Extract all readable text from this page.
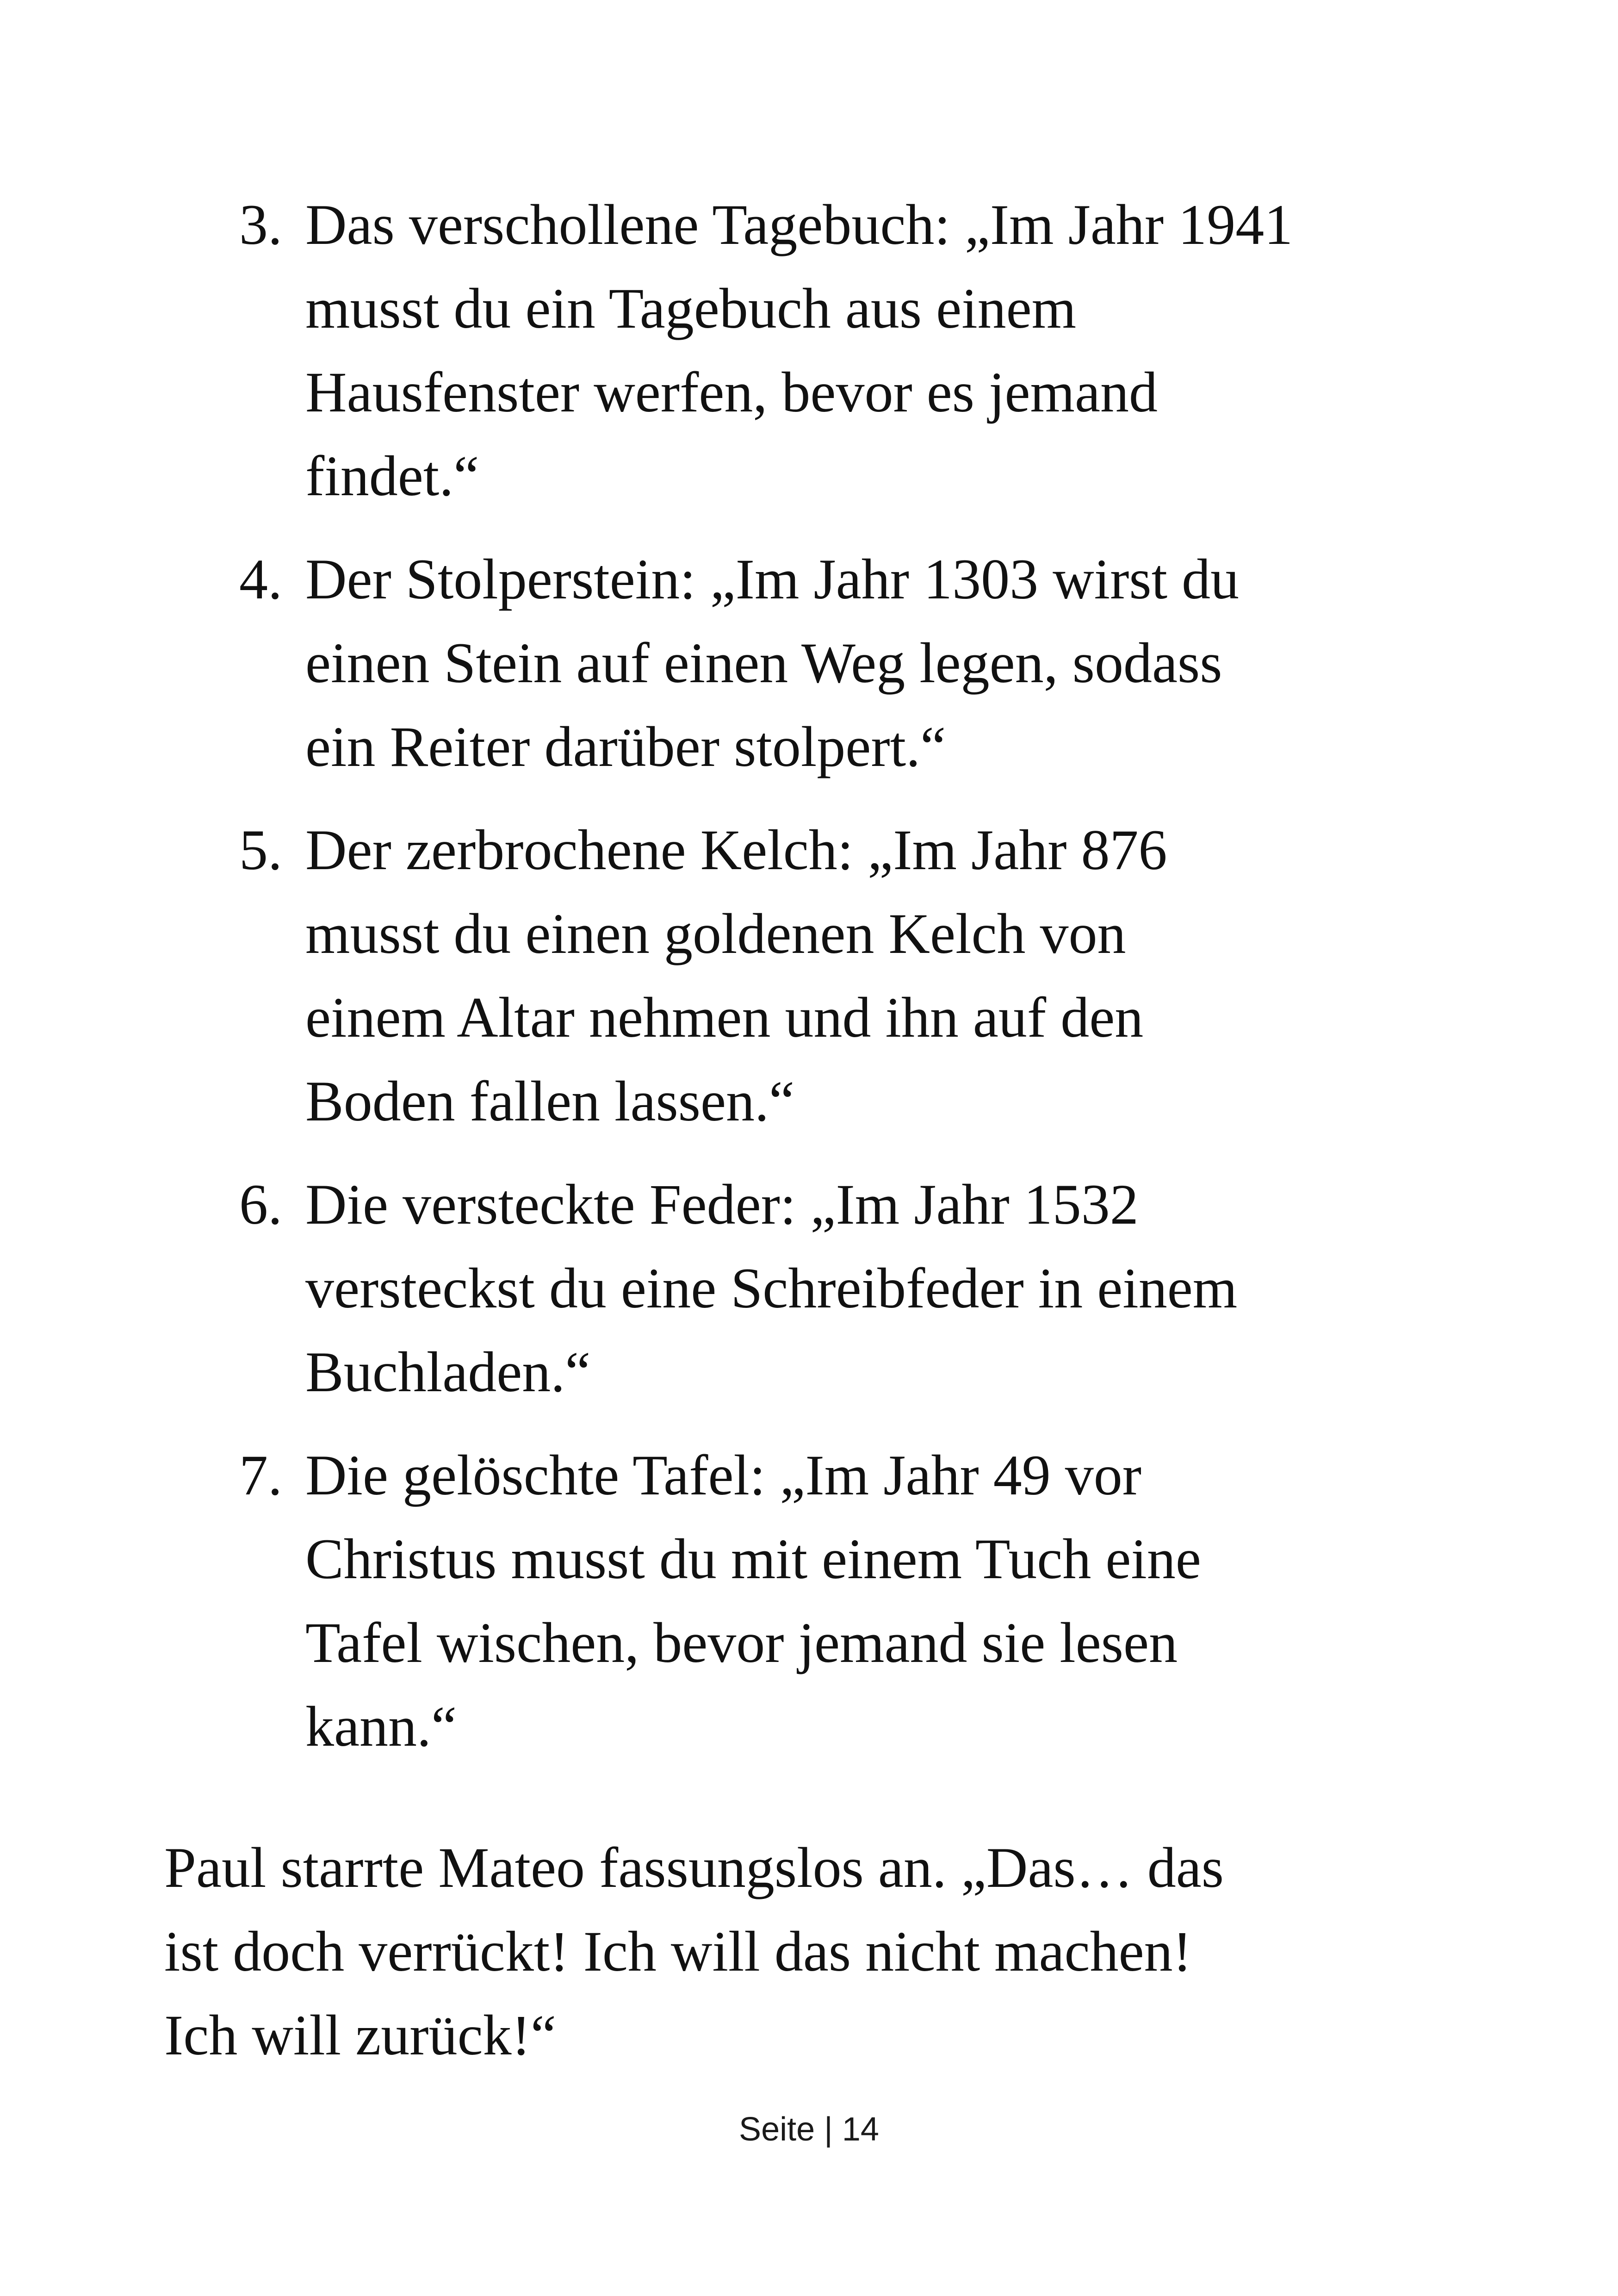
3. Das verschollene Tagebuch: „Im Jahr 1941
musst du ein Tagebuch aus einem
Hausfenster werfen, bevor es jemand
findet.“
4. Der Stolperstein: „Im Jahr 1303 wirst du
einen Stein auf einen Weg legen, sodass
ein Reiter darüber stolpert.“
5. Der zerbrochene Kelch: „Im Jahr 876
musst du einen goldenen Kelch von
einem Altar nehmen und ihn auf den
Boden fallen lassen.“
6. Die versteckte Feder: „Im Jahr 1532
versteckst du eine Schreibfeder in einem
Buchladen.“
7. Die gelöschte Tafel: „Im Jahr 49 vor
Christus musst du mit einem Tuch eine
Tafel wischen, bevor jemand sie lesen
kann.“
Paul starrte Mateo fassungslos an. „Das… das
ist doch verrückt! Ich will das nicht machen!
Ich will zurück!“
Seite | 14
